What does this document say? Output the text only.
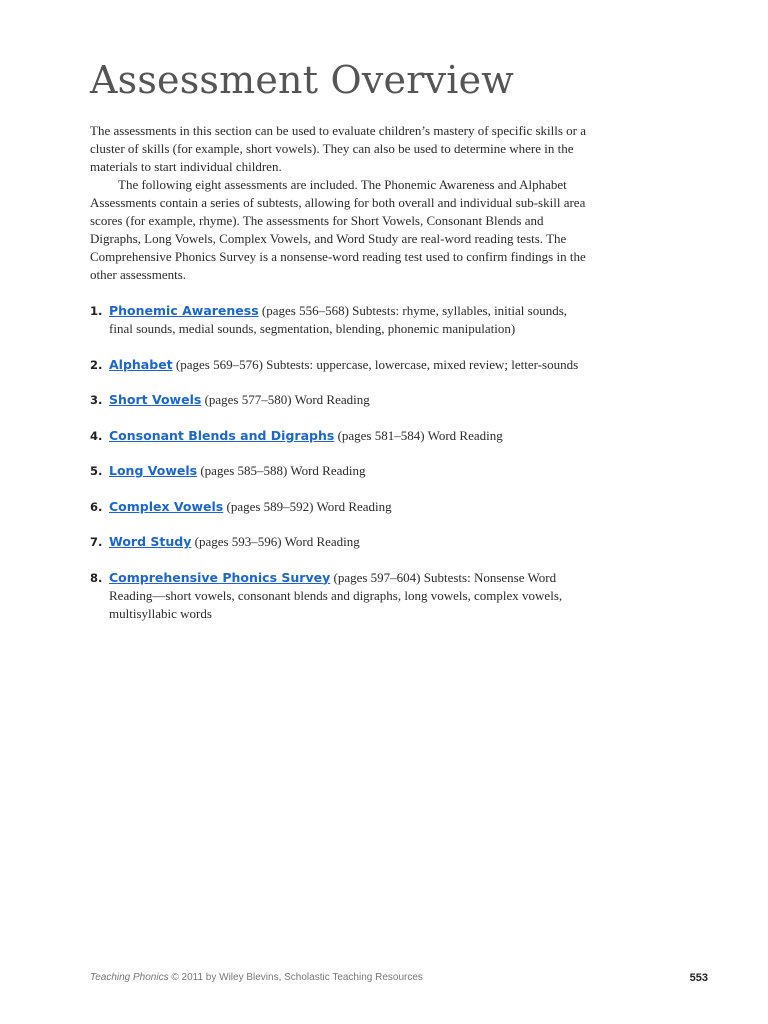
Assessment Overview

The assessments in this section can be used to evaluate children’s mastery of specific skills or a cluster of skills (for example, short vowels). They can also be used to determine where in the materials to start individual children.

The following eight assessments are included. The Phonemic Awareness and Alphabet Assessments contain a series of subtests, allowing for both overall and individual sub-skill area scores (for example, rhyme). The assessments for Short Vowels, Consonant Blends and Digraphs, Long Vowels, Complex Vowels, and Word Study are real-word reading tests. The Comprehensive Phonics Survey is a nonsense-word reading test used to confirm findings in the other assessments.

1. Phonemic Awareness (pages 556–568) Subtests: rhyme, syllables, initial sounds, final sounds, medial sounds, segmentation, blending, phonemic manipulation)
2. Alphabet (pages 569–576) Subtests: uppercase, lowercase, mixed review; letter-sounds
3. Short Vowels (pages 577–580) Word Reading
4. Consonant Blends and Digraphs (pages 581–584) Word Reading
5. Long Vowels (pages 585–588) Word Reading
6. Complex Vowels (pages 589–592) Word Reading
7. Word Study (pages 593–596) Word Reading
8. Comprehensive Phonics Survey (pages 597–604) Subtests: Nonsense Word Reading—short vowels, consonant blends and digraphs, long vowels, complex vowels, multisyllabic words
Teaching Phonics © 2011 by Wiley Blevins, Scholastic Teaching Resources	553
